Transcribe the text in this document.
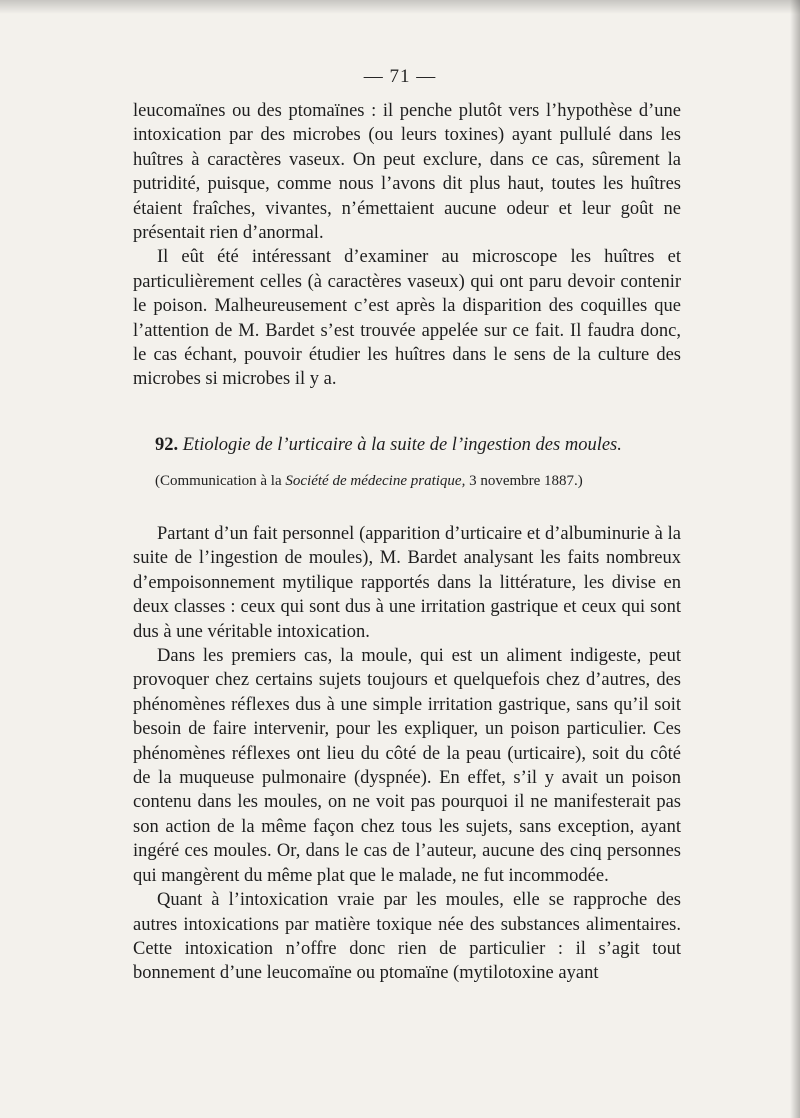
— 71 —

leucomaïnes ou des ptomaïnes : il penche plutôt vers l’hypothèse d’une intoxication par des microbes (ou leurs toxines) ayant pullulé dans les huîtres à caractères vaseux. On peut exclure, dans ce cas, sûrement la putridité, puisque, comme nous l’avons dit plus haut, toutes les huîtres étaient fraîches, vivantes, n’émettaient aucune odeur et leur goût ne présentait rien d’anormal.

Il eût été intéressant d’examiner au microscope les huîtres et particulièrement celles (à caractères vaseux) qui ont paru devoir contenir le poison. Malheureusement c’est après la disparition des coquilles que l’attention de M. Bardet s’est trouvée appelée sur ce fait. Il faudra donc, le cas échant, pouvoir étudier les huîtres dans le sens de la culture des microbes si microbes il y a.

92. Etiologie de l’urticaire à la suite de l’ingestion des moules.
(Communication à la Société de médecine pratique, 3 novembre 1887.)

Partant d’un fait personnel (apparition d’urticaire et d’albuminurie à la suite de l’ingestion de moules), M. Bardet analysant les faits nombreux d’empoisonnement mytilique rapportés dans la littérature, les divise en deux classes : ceux qui sont dus à une irritation gastrique et ceux qui sont dus à une véritable intoxication.

Dans les premiers cas, la moule, qui est un aliment indigeste, peut provoquer chez certains sujets toujours et quelquefois chez d’autres, des phénomènes réflexes dus à une simple irritation gastrique, sans qu’il soit besoin de faire intervenir, pour les expliquer, un poison particulier. Ces phénomènes réflexes ont lieu du côté de la peau (urticaire), soit du côté de la muqueuse pulmonaire (dyspnée). En effet, s’il y avait un poison contenu dans les moules, on ne voit pas pourquoi il ne manifesterait pas son action de la même façon chez tous les sujets, sans exception, ayant ingéré ces moules. Or, dans le cas de l’auteur, aucune des cinq personnes qui mangèrent du même plat que le malade, ne fut incommodée.

Quant à l’intoxication vraie par les moules, elle se rapproche des autres intoxications par matière toxique née des substances alimentaires. Cette intoxication n’offre donc rien de particulier : il s’agit tout bonnement d’une leucomaïne ou ptomaïne (mytilotoxine ayant
